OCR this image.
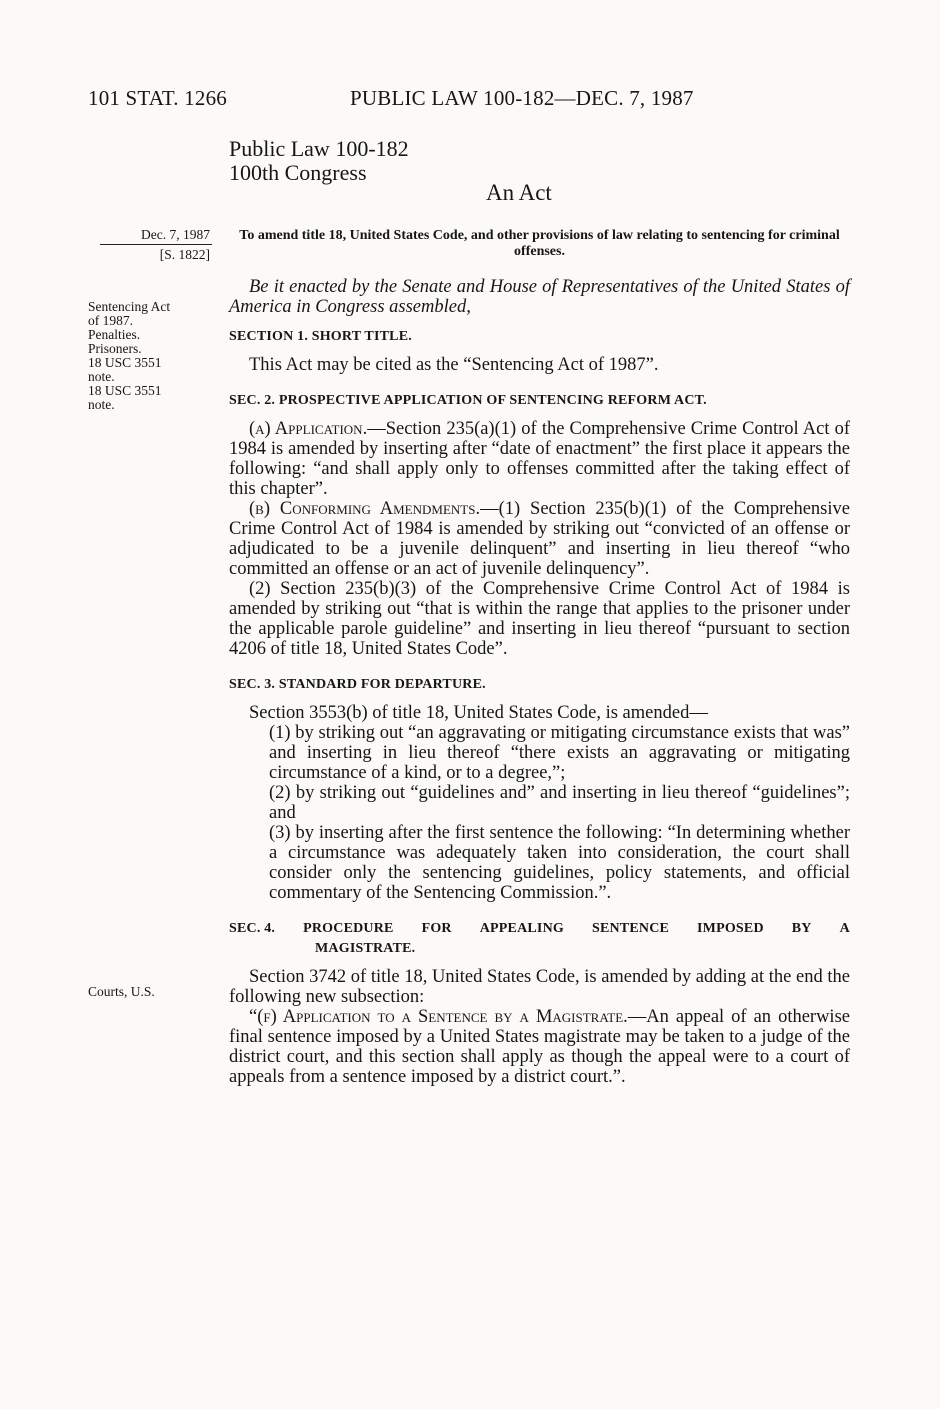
101 STAT. 1266	PUBLIC LAW 100-182—DEC. 7, 1987
Public Law 100-182
100th Congress
An Act
Dec. 7, 1987
[S. 1822]
Sentencing Act
of 1987.
Penalties.
Prisoners.
18 USC 3551
note.
18 USC 3551
note.
Courts, U.S.
To amend title 18, United States Code, and other provisions of law relating to sentencing for criminal offenses.

Be it enacted by the Senate and House of Representatives of the United States of America in Congress assembled,

SECTION 1. SHORT TITLE.

This Act may be cited as the “Sentencing Act of 1987”.

SEC. 2. PROSPECTIVE APPLICATION OF SENTENCING REFORM ACT.

(a) Application.—Section 235(a)(1) of the Comprehensive Crime Control Act of 1984 is amended by inserting after “date of enactment” the first place it appears the following: “and shall apply only to offenses committed after the taking effect of this chapter”.

(b) Conforming Amendments.—(1) Section 235(b)(1) of the Comprehensive Crime Control Act of 1984 is amended by striking out “convicted of an offense or adjudicated to be a juvenile delinquent” and inserting in lieu thereof “who committed an offense or an act of juvenile delinquency”.

(2) Section 235(b)(3) of the Comprehensive Crime Control Act of 1984 is amended by striking out “that is within the range that applies to the prisoner under the applicable parole guideline” and inserting in lieu thereof “pursuant to section 4206 of title 18, United States Code”.

SEC. 3. STANDARD FOR DEPARTURE.

Section 3553(b) of title 18, United States Code, is amended—

(1) by striking out “an aggravating or mitigating circumstance exists that was” and inserting in lieu thereof “there exists an aggravating or mitigating circumstance of a kind, or to a degree,”;

(2) by striking out “guidelines and” and inserting in lieu thereof “guidelines”; and

(3) by inserting after the first sentence the following: “In determining whether a circumstance was adequately taken into consideration, the court shall consider only the sentencing guidelines, policy statements, and official commentary of the Sentencing Commission.”.

SEC. 4. PROCEDURE FOR APPEALING SENTENCE IMPOSED BY A
MAGISTRATE.

Section 3742 of title 18, United States Code, is amended by adding at the end the following new subsection:

“(f) Application to a Sentence by a Magistrate.—An appeal of an otherwise final sentence imposed by a United States magistrate may be taken to a judge of the district court, and this section shall apply as though the appeal were to a court of appeals from a sentence imposed by a district court.”.
